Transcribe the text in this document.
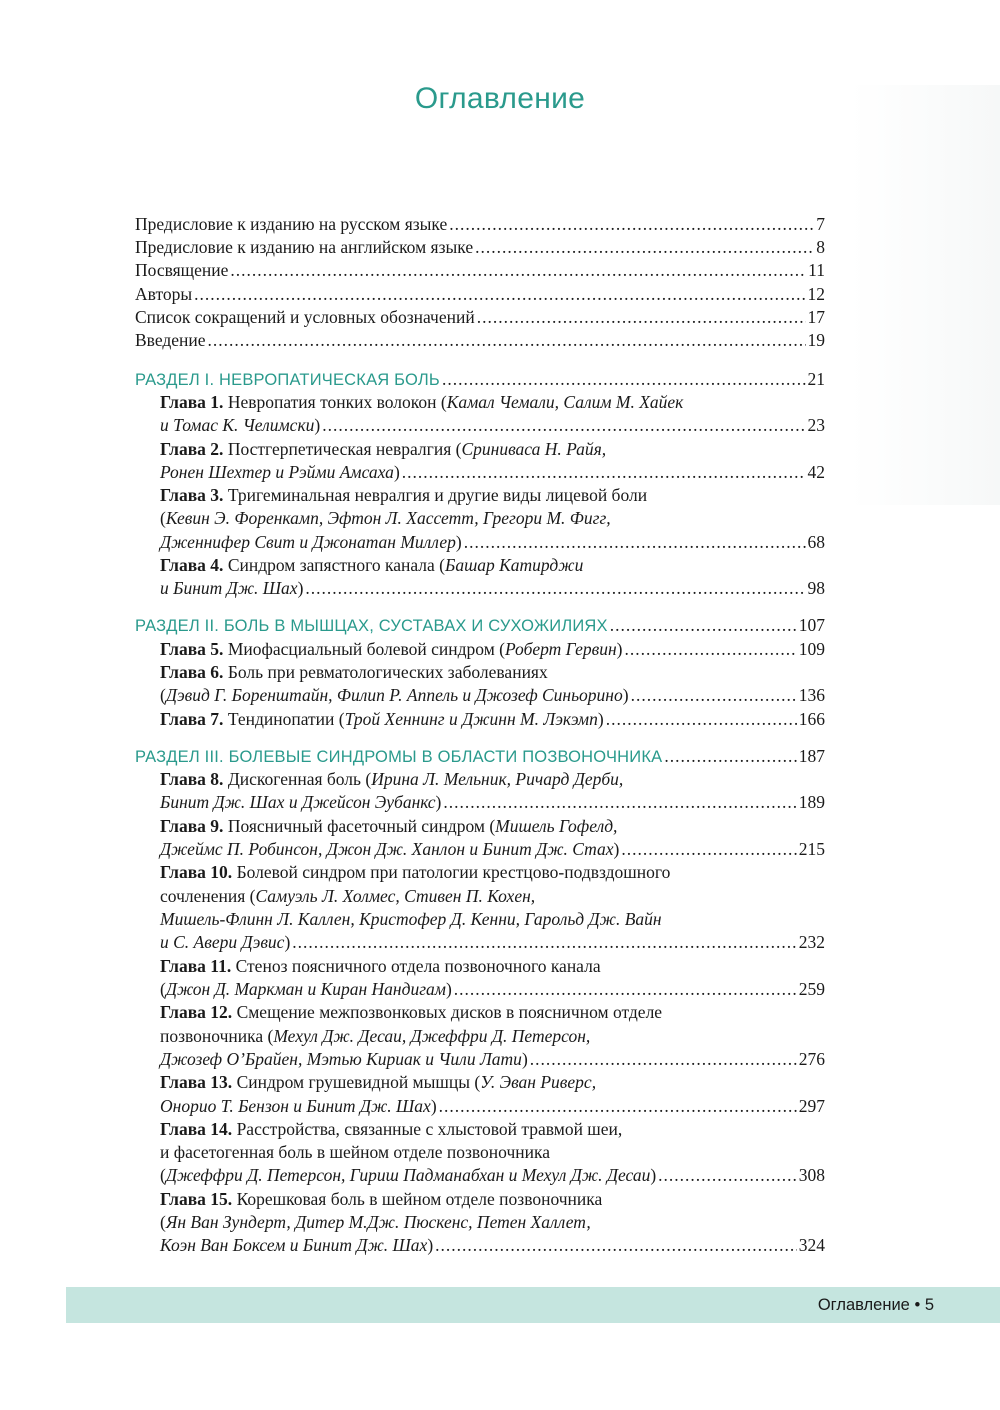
Оглавление
Предисловие к изданию на русском языке .....	7
Предисловие к изданию на английском языке .....	8
Посвящение .....	11
Авторы .....	12
Список сокращений и условных обозначений .....	17
Введение .....	19
РАЗДЕЛ I. НЕВРОПАТИЧЕСКАЯ БОЛЬ .....	21
Глава 1. Невропатия тонких волокон (Камал Чемали, Салим М. Хайек
и Томас К. Челимски) .....	23
Глава 2. Постгерпетическая невралгия (Сриниваса Н. Райя,
Ронен Шехтер и Рэйми Амсаха) .....	42
Глава 3. Тригеминальная невралгия и другие виды лицевой боли
(Кевин Э. Форенкамп, Эфтон Л. Хассетт, Грегори М. Фигг,
Дженнифер Свит и Джонатан Миллер) .....	68
Глава 4. Синдром запястного канала (Башар Катирджи
и Бинит Дж. Шах) .....	98
РАЗДЕЛ II. БОЛЬ В МЫШЦАХ, СУСТАВАХ И СУХОЖИЛИЯХ .....	107
Глава 5. Миофасциальный болевой синдром (Роберт Гервин) .....	109
Глава 6. Боль при ревматологических заболеваниях
(Дэвид Г. Боренштайн, Филип Р. Аппель и Джозеф Синьорино) .....	136
Глава 7. Тендинопатии (Трой Хеннинг и Джинн М. Лэкэмп) .....	166
РАЗДЕЛ III. БОЛЕВЫЕ СИНДРОМЫ В ОБЛАСТИ ПОЗВОНОЧНИКА .....	187
Глава 8. Дискогенная боль (Ирина Л. Мельник, Ричард Дерби,
Бинит Дж. Шах и Джейсон Эубанкс) .....	189
Глава 9. Поясничный фасеточный синдром (Мишель Гофелд,
Джеймс П. Робинсон, Джон Дж. Ханлон и Бинит Дж. Стах) .....	215
Глава 10. Болевой синдром при патологии крестцово-подвздошного
сочленения (Самуэль Л. Холмес, Стивен П. Кохен,
Мишель-Флинн Л. Каллен, Кристофер Д. Кенни, Гарольд Дж. Вайн
и С. Авери Дэвис) .....	232
Глава 11. Стеноз поясничного отдела позвоночного канала
(Джон Д. Маркман и Киран Нандигам) .....	259
Глава 12. Смещение межпозвонковых дисков в поясничном отделе
позвоночника (Мехул Дж. Десаи, Джеффри Д. Петерсон,
Джозеф О’Брайен, Мэтью Кириак и Чили Лати) .....	276
Глава 13. Синдром грушевидной мышцы (У. Эван Риверс,
Онорио Т. Бензон и Бинит Дж. Шах) .....	297
Глава 14. Расстройства, связанные с хлыстовой травмой шеи,
и фасетогенная боль в шейном отделе позвоночника
(Джеффри Д. Петерсон, Гириш Падманабхан и Мехул Дж. Десаи) .....	308
Глава 15. Корешковая боль в шейном отделе позвоночника
(Ян Ван Зундерт, Дитер М.Дж. Пюскенс, Петен Халлет,
Коэн Ван Боксем и Бинит Дж. Шах) .....	324
Оглавление • 5
